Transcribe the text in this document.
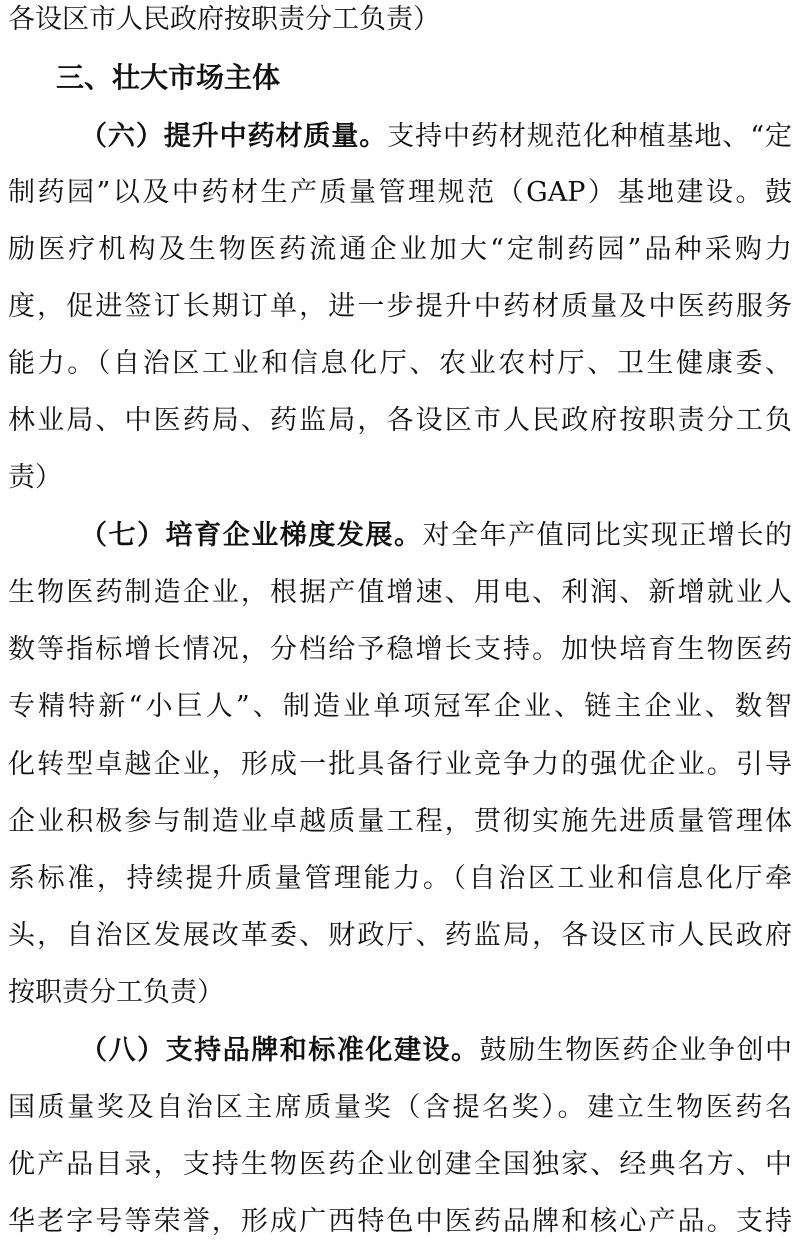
各设区市人民政府按职责分工负责）
三、壮大市场主体
（六）提升中药材质量。支持中药材规范化种植基地、“定
制药园”以及中药材生产质量管理规范（GAP）基地建设。鼓
励医疗机构及生物医药流通企业加大“定制药园”品种采购力
度，促进签订长期订单，进一步提升中药材质量及中医药服务
能力。（自治区工业和信息化厅、农业农村厅、卫生健康委、
林业局、中医药局、药监局，各设区市人民政府按职责分工负
责）
（七）培育企业梯度发展。对全年产值同比实现正增长的
生物医药制造企业，根据产值增速、用电、利润、新增就业人
数等指标增长情况，分档给予稳增长支持。加快培育生物医药
专精特新“小巨人”、制造业单项冠军企业、链主企业、数智
化转型卓越企业，形成一批具备行业竞争力的强优企业。引导
企业积极参与制造业卓越质量工程，贯彻实施先进质量管理体
系标准，持续提升质量管理能力。（自治区工业和信息化厅牵
头，自治区发展改革委、财政厅、药监局，各设区市人民政府
按职责分工负责）
（八）支持品牌和标准化建设。鼓励生物医药企业争创中
国质量奖及自治区主席质量奖（含提名奖）。建立生物医药名
优产品目录，支持生物医药企业创建全国独家、经典名方、中
华老字号等荣誉，形成广西特色中医药品牌和核心产品。支持
